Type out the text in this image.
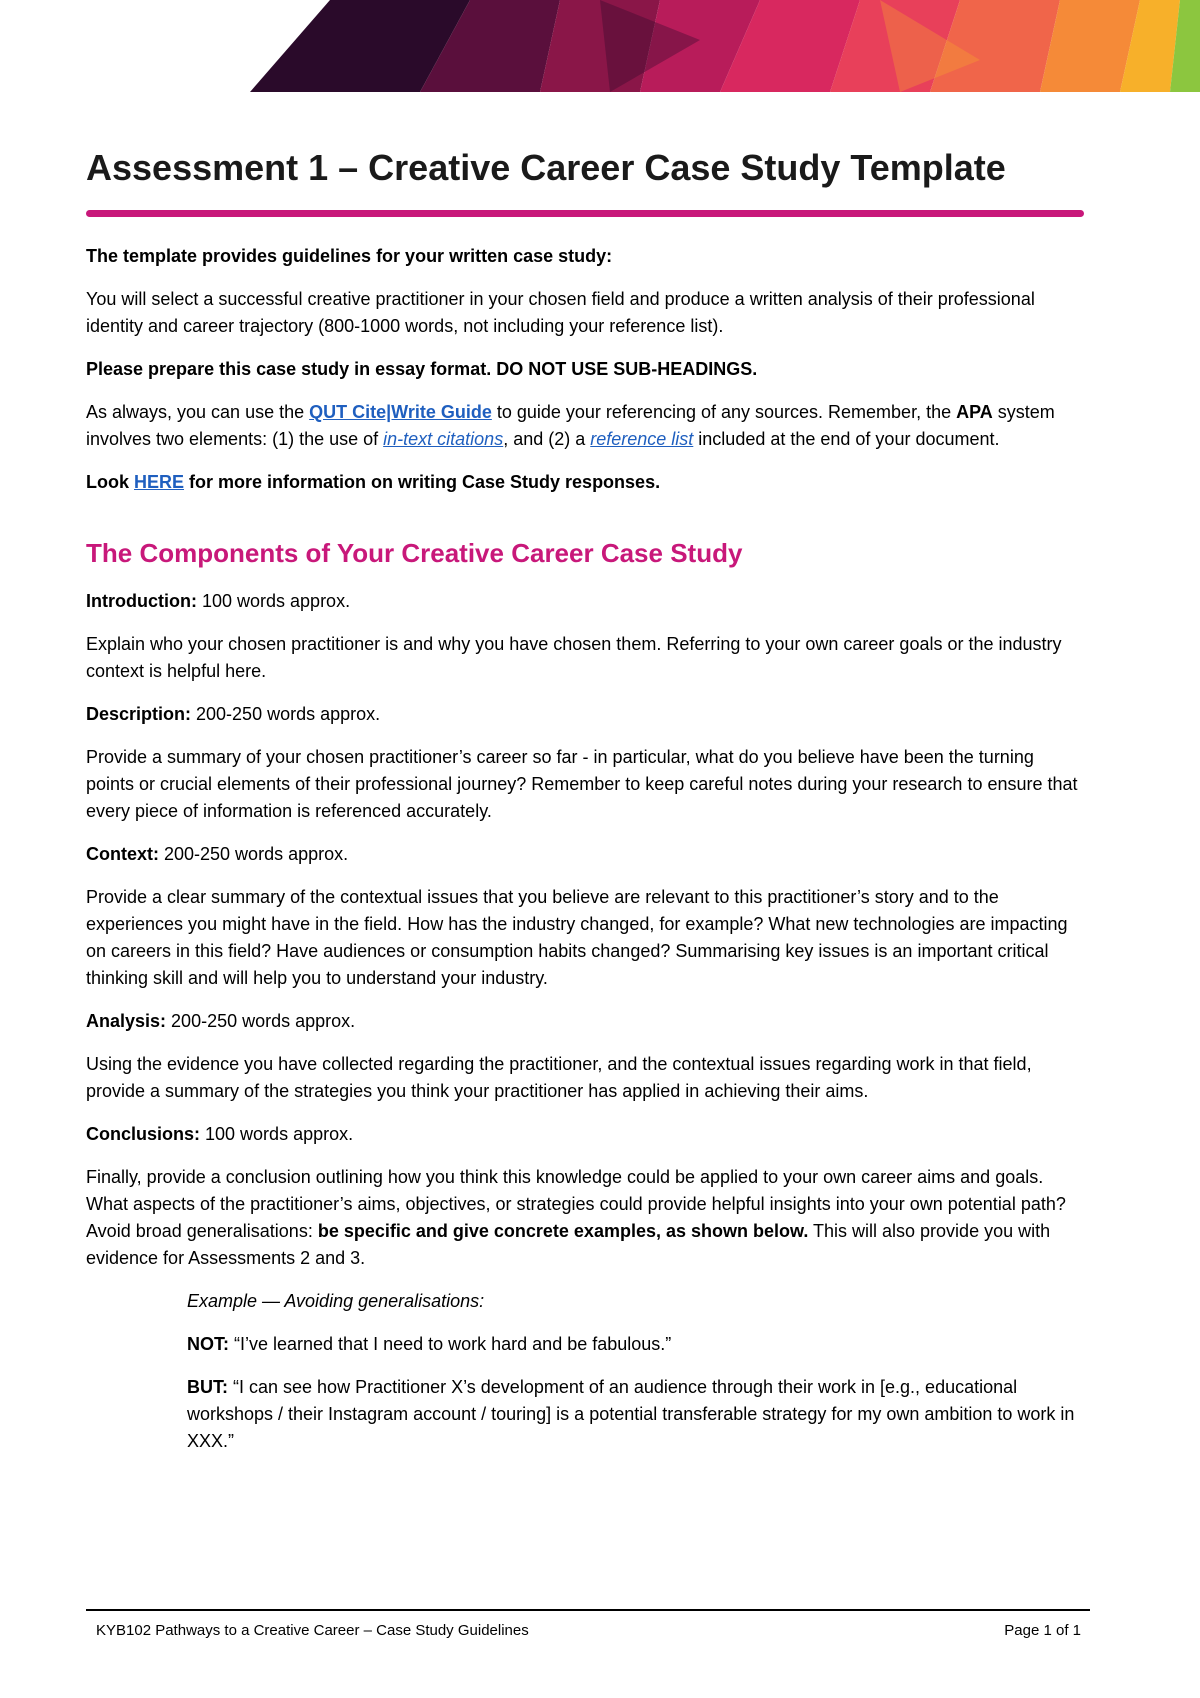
Assessment 1 – Creative Career Case Study Template

The template provides guidelines for your written case study:

You will select a successful creative practitioner in your chosen field and produce a written analysis of their professional identity and career trajectory (800-1000 words, not including your reference list).

Please prepare this case study in essay format. DO NOT USE SUB-HEADINGS.

As always, you can use the QUT Cite|Write Guide to guide your referencing of any sources. Remember, the APA system involves two elements: (1) the use of in-text citations, and (2) a reference list included at the end of your document.

Look HERE for more information on writing Case Study responses.

The Components of Your Creative Career Case Study

Introduction: 100 words approx.

Explain who your chosen practitioner is and why you have chosen them. Referring to your own career goals or the industry context is helpful here.

Description: 200-250 words approx.

Provide a summary of your chosen practitioner’s career so far - in particular, what do you believe have been the turning points or crucial elements of their professional journey? Remember to keep careful notes during your research to ensure that every piece of information is referenced accurately.

Context: 200-250 words approx.

Provide a clear summary of the contextual issues that you believe are relevant to this practitioner’s story and to the experiences you might have in the field. How has the industry changed, for example? What new technologies are impacting on careers in this field? Have audiences or consumption habits changed? Summarising key issues is an important critical thinking skill and will help you to understand your industry.

Analysis: 200-250 words approx.

Using the evidence you have collected regarding the practitioner, and the contextual issues regarding work in that field, provide a summary of the strategies you think your practitioner has applied in achieving their aims.

Conclusions: 100 words approx.

Finally, provide a conclusion outlining how you think this knowledge could be applied to your own career aims and goals. What aspects of the practitioner’s aims, objectives, or strategies could provide helpful insights into your own potential path? Avoid broad generalisations: be specific and give concrete examples, as shown below. This will also provide you with evidence for Assessments 2 and 3.

Example — Avoiding generalisations:

NOT: “I’ve learned that I need to work hard and be fabulous.”

BUT: “I can see how Practitioner X’s development of an audience through their work in [e.g., educational workshops / their Instagram account / touring] is a potential transferable strategy for my own ambition to work in XXX.”

KYB102 Pathways to a Creative Career – Case Study Guidelines	Page 1 of 1
